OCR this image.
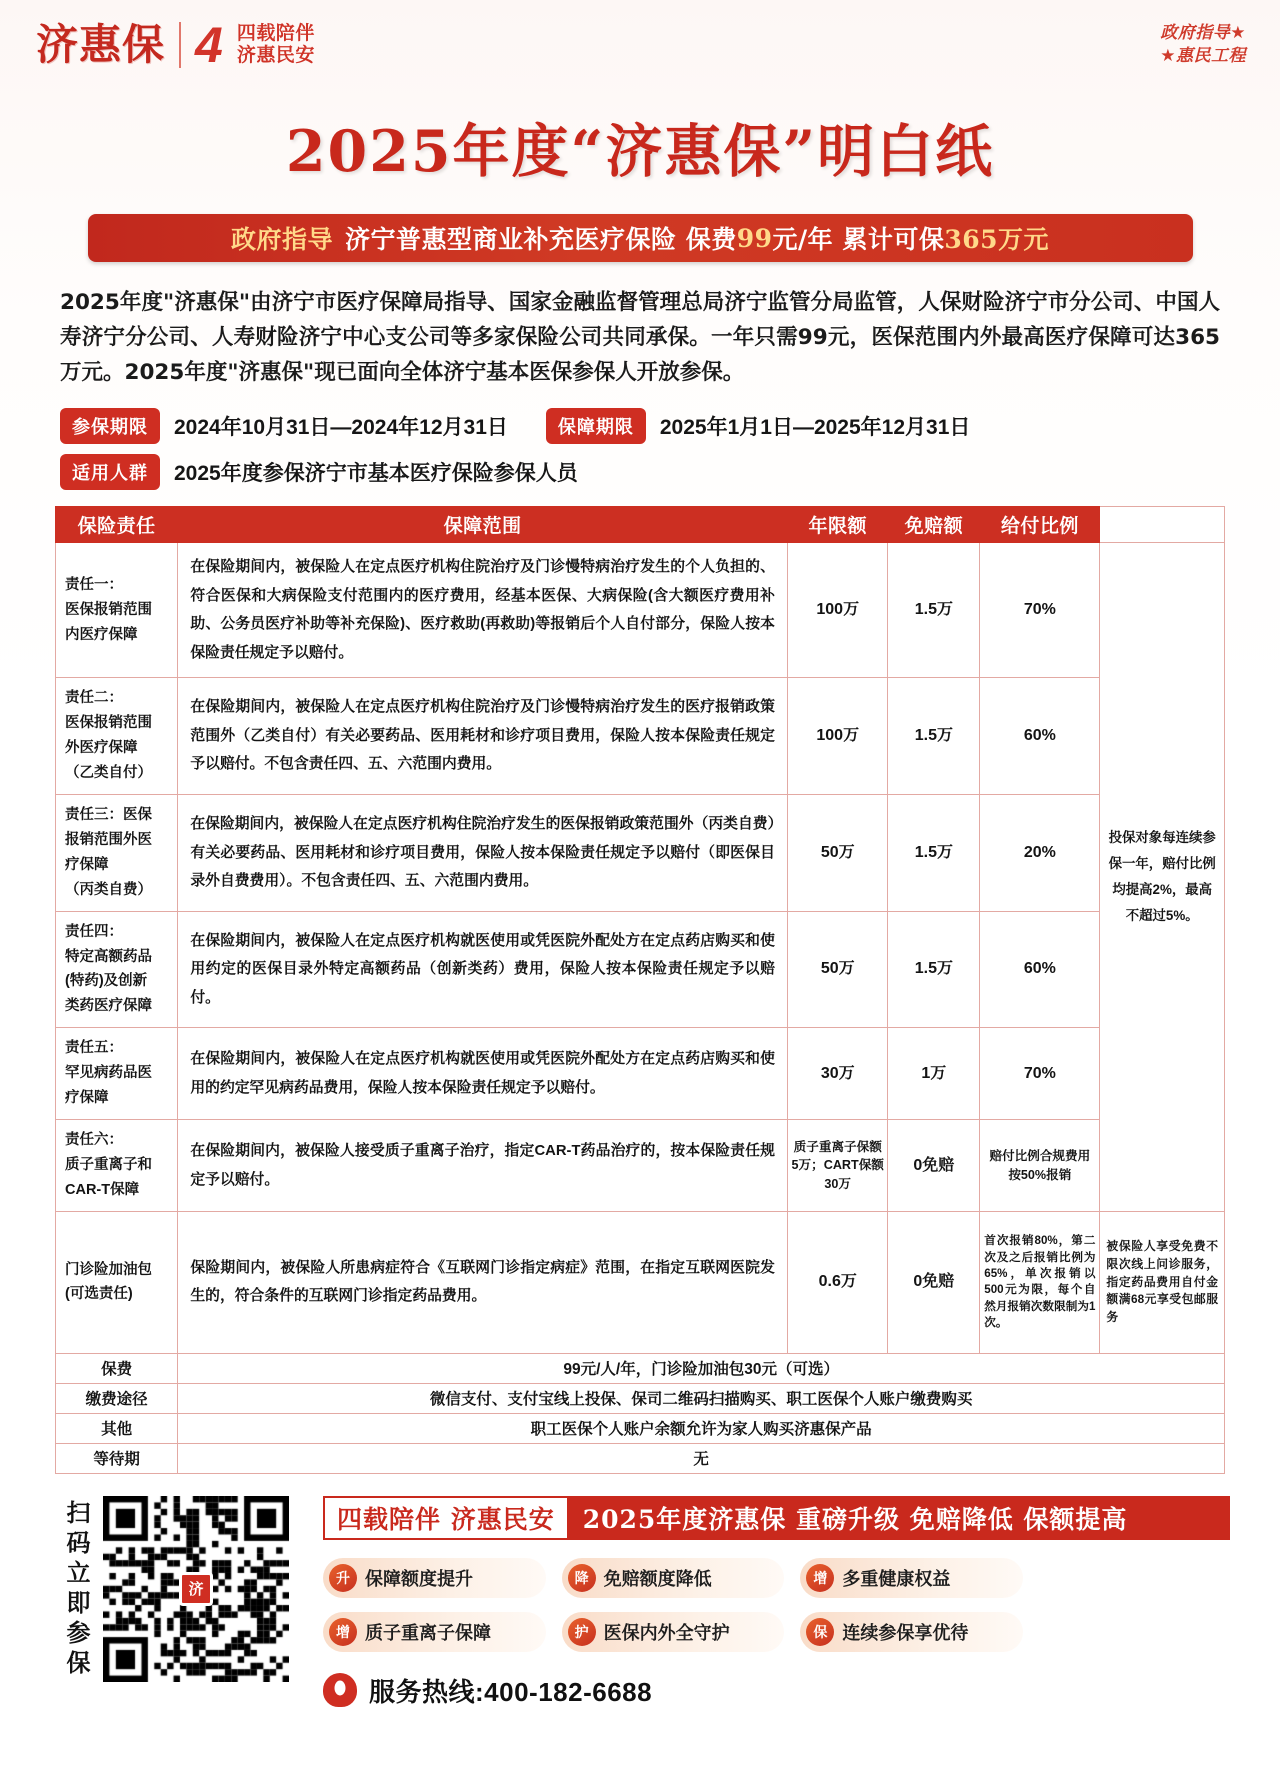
济惠保 4 四载陪伴
济惠民安
政府指导★
★惠民工程
2025年度“济惠保”明白纸
政府指导 济宁普惠型商业补充医疗保险 保费 99 元/年 累计可保 365万元

2025年度"济惠保"由济宁市医疗保障局指导、国家金融监督管理总局济宁监管分局监管，人保财险济宁市分公司、中国人寿济宁分公司、人寿财险济宁中心支公司等多家保险公司共同承保。一年只需99元，医保范围内外最高医疗保障可达365万元。2025年度"济惠保"现已面向全体济宁基本医保参保人开放参保。

参保期限	2024年10月31日—2024年12月31日	保障期限	2025年1月1日—2025年12月31日
适用人群	2025年度参保济宁市基本医疗保险参保人员
保险责任	保障范围	年限额	免赔额	给付比例	
责任一：
医保报销范围
内医疗保障	在保险期间内，被保险人在定点医疗机构住院治疗及门诊慢特病治疗发生的个人负担的、符合医保和大病保险支付范围内的医疗费用，经基本医保、大病保险(含大额医疗费用补助、公务员医疗补助等补充保险)、医疗救助(再救助)等报销后个人自付部分，保险人按本保险责任规定予以赔付。	100万	1.5万	70%	投保对象每连续参保一年，赔付比例均提高2%，最高不超过5%。
责任二：
医保报销范围
外医疗保障
（乙类自付）	在保险期间内，被保险人在定点医疗机构住院治疗及门诊慢特病治疗发生的医疗报销政策范围外（乙类自付）有关必要药品、医用耗材和诊疗项目费用，保险人按本保险责任规定予以赔付。不包含责任四、五、六范围内费用。	100万	1.5万	60%	
责任三：医保
报销范围外医
疗保障
（丙类自费）	在保险期间内，被保险人在定点医疗机构住院治疗发生的医保报销政策范围外（丙类自费）有关必要药品、医用耗材和诊疗项目费用，保险人按本保险责任规定予以赔付（即医保目录外自费费用）。不包含责任四、五、六范围内费用。	50万	1.5万	20%	
责任四：
特定高额药品
(特药)及创新
类药医疗保障	在保险期间内，被保险人在定点医疗机构就医使用或凭医院外配处方在定点药店购买和使用约定的医保目录外特定高额药品（创新类药）费用，保险人按本保险责任规定予以赔付。	50万	1.5万	60%	
责任五：
罕见病药品医
疗保障	在保险期间内，被保险人在定点医疗机构就医使用或凭医院外配处方在定点药店购买和使用的约定罕见病药品费用，保险人按本保险责任规定予以赔付。	30万	1万	70%	
责任六：
质子重离子和
CAR-T保障	在保险期间内，被保险人接受质子重离子治疗，指定CAR-T药品治疗的，按本保险责任规定予以赔付。	质子重离子保额5万；CART保额30万	0免赔	赔付比例合规费用按50%报销	
门诊险加油包
(可选责任)	保险期间内，被保险人所患病症符合《互联网门诊指定病症》范围，在指定互联网医院发生的，符合条件的互联网门诊指定药品费用。	0.6万	0免赔	首次报销80%，第二次及之后报销比例为65%，单次报销以500元为限，每个自然月报销次数限制为1次。	被保险人享受免费不限次线上问诊服务，指定药品费用自付金额满68元享受包邮服务
保费	99元/人/年，门诊险加油包30元（可选）				
缴费途径	微信支付、支付宝线上投保、保司二维码扫描购买、职工医保个人账户缴费购买				
其他	职工医保个人账户余额允许为家人购买济惠保产品				
等待期	无				
扫码立即参保	济
四载陪伴 济惠民安	2025年度济惠保 重磅升级 免赔降低 保额提高
升 保障额度提升	降 免赔额度降低	增 多重健康权益
增 质子重离子保障	护 医保内外全守护	保 连续参保享优待
服务热线:400-182-6688
